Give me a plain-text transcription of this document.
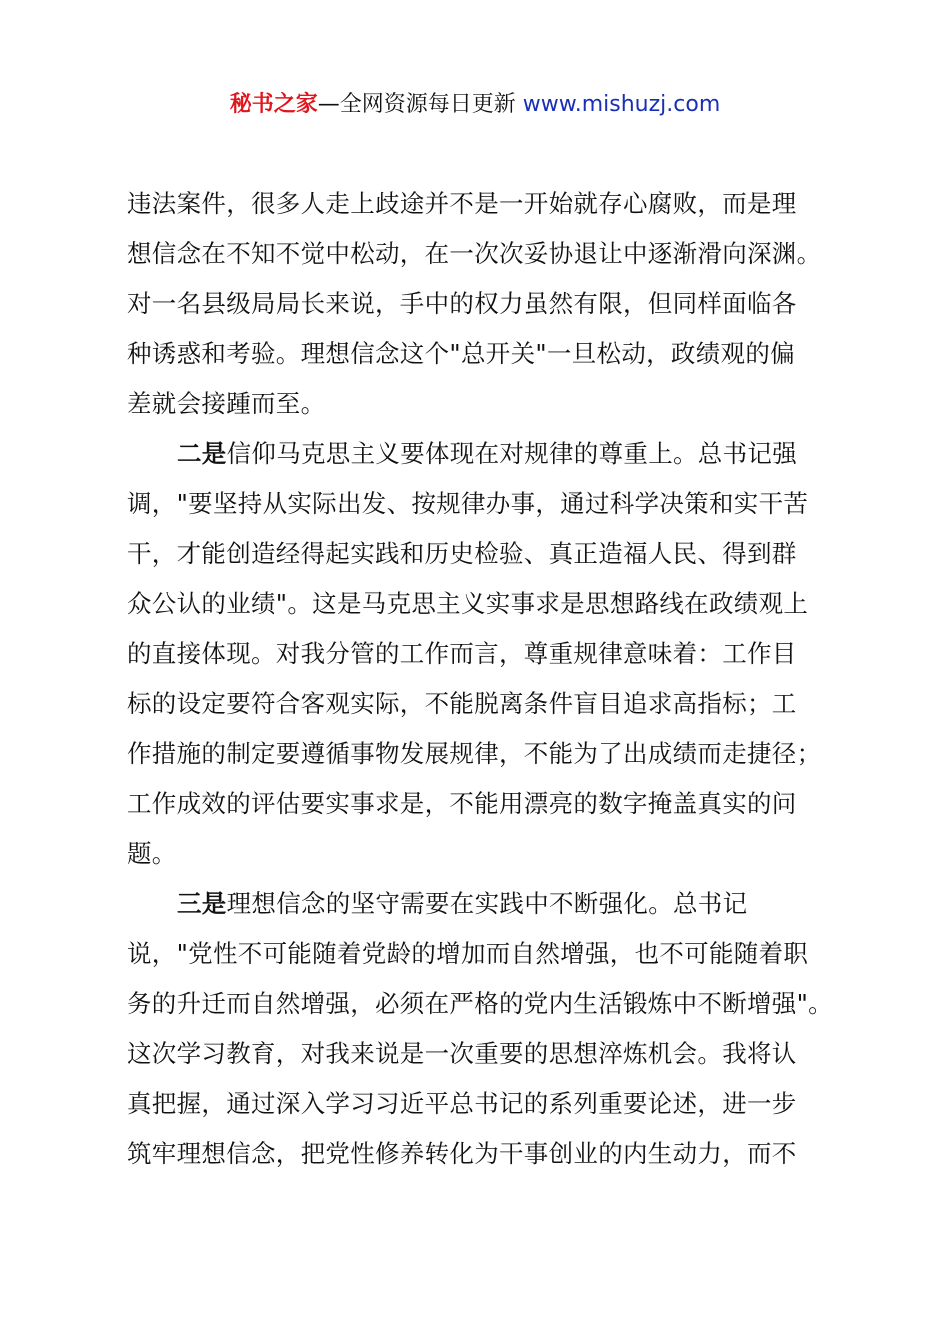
秘书之家—全网资源每日更新 www.mishuzj.com
违法案件，很多人走上歧途并不是一开始就存心腐败，而是理
想信念在不知不觉中松动，在一次次妥协退让中逐渐滑向深渊。
对一名县级局局长来说，手中的权力虽然有限，但同样面临各
种诱惑和考验。理想信念这个"总开关"一旦松动，政绩观的偏
差就会接踵而至。
二是信仰马克思主义要体现在对规律的尊重上。总书记强
调，"要坚持从实际出发、按规律办事，通过科学决策和实干苦
干，才能创造经得起实践和历史检验、真正造福人民、得到群
众公认的业绩"。这是马克思主义实事求是思想路线在政绩观上
的直接体现。对我分管的工作而言，尊重规律意味着：工作目
标的设定要符合客观实际，不能脱离条件盲目追求高指标；工
作措施的制定要遵循事物发展规律，不能为了出成绩而走捷径；
工作成效的评估要实事求是，不能用漂亮的数字掩盖真实的问
题。
三是理想信念的坚守需要在实践中不断强化。总书记
说，"党性不可能随着党龄的增加而自然增强，也不可能随着职
务的升迁而自然增强，必须在严格的党内生活锻炼中不断增强"。
这次学习教育，对我来说是一次重要的思想淬炼机会。我将认
真把握，通过深入学习习近平总书记的系列重要论述，进一步
筑牢理想信念，把党性修养转化为干事创业的内生动力，而不
